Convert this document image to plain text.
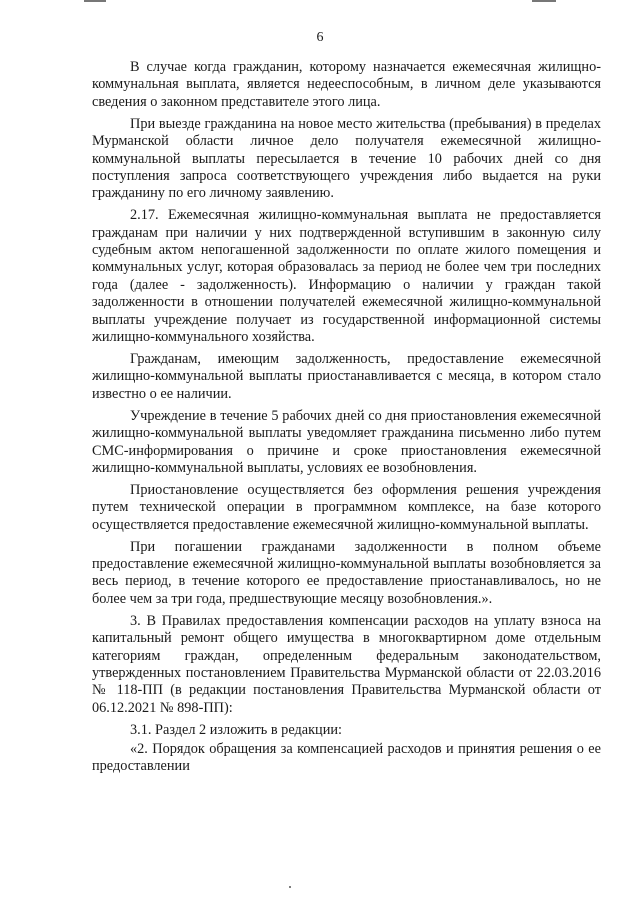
6

В случае когда гражданин, которому назначается ежемесячная жилищно-коммунальная выплата, является недееспособным, в личном деле указываются сведения о законном представителе этого лица.

При выезде гражданина на новое место жительства (пребывания) в пределах Мурманской области личное дело получателя ежемесячной жилищно-коммунальной выплаты пересылается в течение 10 рабочих дней со дня поступления запроса соответствующего учреждения либо выдается на руки гражданину по его личному заявлению.

2.17. Ежемесячная жилищно-коммунальная выплата не предоставляется гражданам при наличии у них подтвержденной вступившим в законную силу судебным актом непогашенной задолженности по оплате жилого помещения и коммунальных услуг, которая образовалась за период не более чем три последних года (далее - задолженность). Информацию о наличии у граждан такой задолженности в отношении получателей ежемесячной жилищно-коммунальной выплаты учреждение получает из государственной информационной системы жилищно-коммунального хозяйства.

Гражданам, имеющим задолженность, предоставление ежемесячной жилищно-коммунальной выплаты приостанавливается с месяца, в котором стало известно о ее наличии.

Учреждение в течение 5 рабочих дней со дня приостановления ежемесячной жилищно-коммунальной выплаты уведомляет гражданина письменно либо путем СМС-информирования о причине и сроке приостановления ежемесячной жилищно-коммунальной выплаты, условиях ее возобновления.

Приостановление осуществляется без оформления решения учреждения путем технической операции в программном комплексе, на базе которого осуществляется предоставление ежемесячной жилищно-коммунальной выплаты.

При погашении гражданами задолженности в полном объеме предоставление ежемесячной жилищно-коммунальной выплаты возобновляется за весь период, в течение которого ее предоставление приостанавливалось, но не более чем за три года, предшествующие месяцу возобновления.».

3. В Правилах предоставления компенсации расходов на уплату взноса на капитальный ремонт общего имущества в многоквартирном доме отдельным категориям граждан, определенным федеральным законодательством, утвержденных постановлением Правительства Мурманской области от 22.03.2016 № 118-ПП (в редакции постановления Правительства Мурманской области от 06.12.2021 № 898-ПП):

3.1. Раздел 2 изложить в редакции:

«2. Порядок обращения за компенсацией расходов и принятия решения о ее предоставлении
